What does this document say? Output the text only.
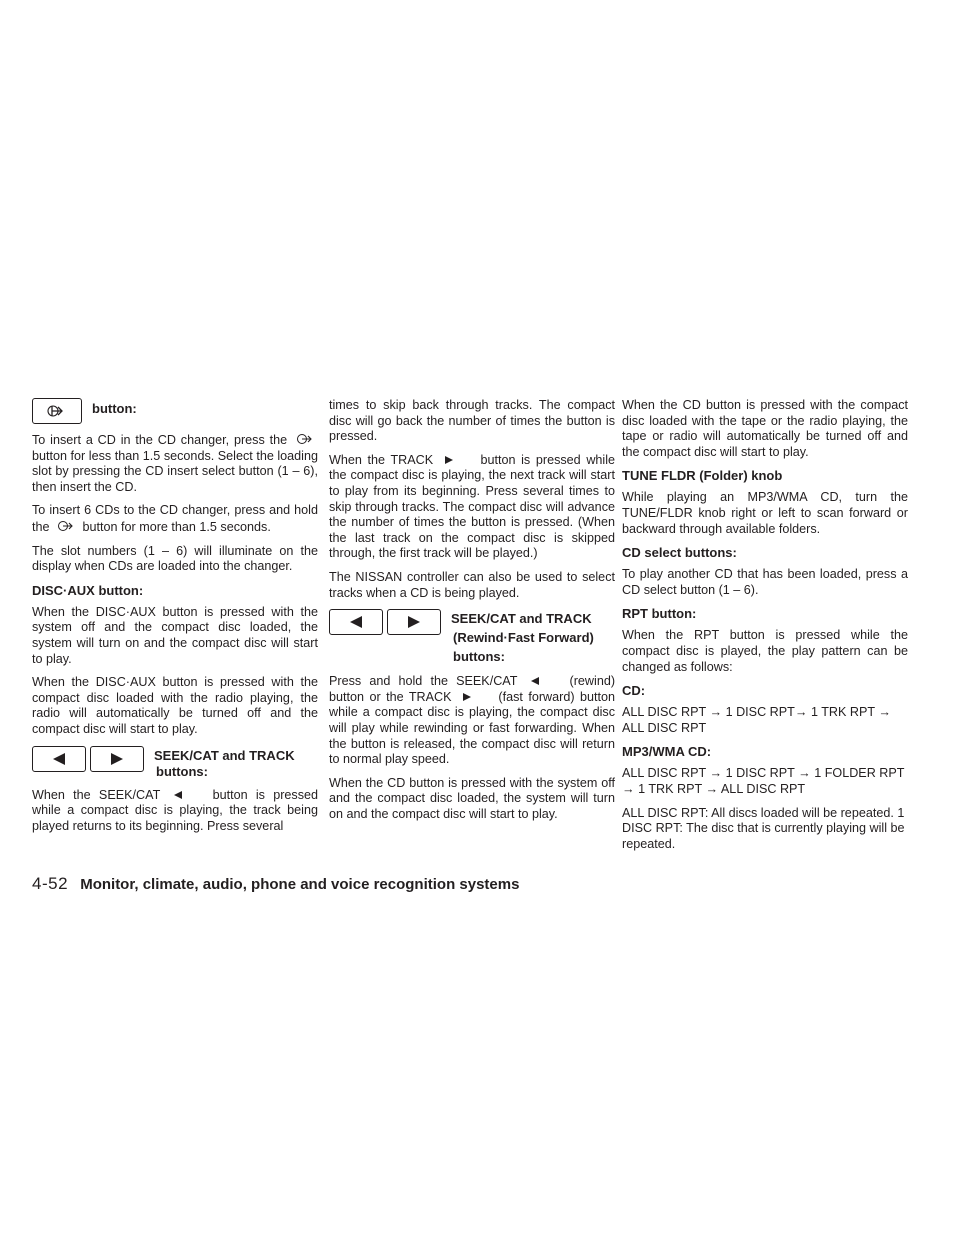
button:

To insert a CD in the CD changer, press the  button for less than 1.5 seconds. Select the loading slot by pressing the CD insert select button (1 – 6), then insert the CD.

To insert 6 CDs to the CD changer, press and hold the	button for more than 1.5 seconds.

The slot numbers (1 – 6) will illuminate on the display when CDs are loaded into the changer.

DISC·AUX button:

When the DISC·AUX button is pressed with the system off and the compact disc loaded, the system will turn on and the compact disc will start to play.

When the DISC·AUX button is pressed with the compact disc loaded with the radio playing, the radio will automatically be turned off and the compact disc will start to play.

SEEK/CAT and TRACK
buttons:

When the SEEK/CAT	button is pressed while a compact disc is playing, the track being played returns to its beginning. Press several

times to skip back through tracks. The compact disc will go back the number of times the button is pressed.

When the TRACK	button is pressed while the compact disc is playing, the next track will start to play from its beginning. Press several times to skip through tracks. The compact disc will advance the number of times the button is pressed. (When the last track on the compact disc is skipped through, the first track will be played.)

The NISSAN controller can also be used to select tracks when a CD is being played.

SEEK/CAT and TRACK
(Rewind·Fast Forward)
buttons:

Press and hold the SEEK/CAT	(rewind) button or the TRACK	(fast forward) button while a compact disc is playing, the compact disc will play while rewinding or fast forwarding. When the button is released, the compact disc will return to normal play speed.

When the CD button is pressed with the system off and the compact disc loaded, the system will turn on and the compact disc will start to play.

When the CD button is pressed with the compact disc loaded with the tape or the radio playing, the tape or radio will automatically be turned off and the compact disc will start to play.

TUNE FLDR (Folder) knob

While playing an MP3/WMA CD, turn the TUNE/FLDR knob right or left to scan forward or backward through available folders.

CD select buttons:

To play another CD that has been loaded, press a CD select button (1 – 6).

RPT button:

When the RPT button is pressed while the compact disc is played, the play pattern can be changed as follows:

CD:

ALL DISC RPT → 1 DISC RPT→ 1 TRK RPT → ALL DISC RPT

MP3/WMA CD:

ALL DISC RPT → 1 DISC RPT → 1 FOLDER RPT → 1 TRK RPT → ALL DISC RPT

ALL DISC RPT: All discs loaded will be repeated. 1 DISC RPT: The disc that is currently playing will be repeated.

4-52 Monitor, climate, audio, phone and voice recognition systems
